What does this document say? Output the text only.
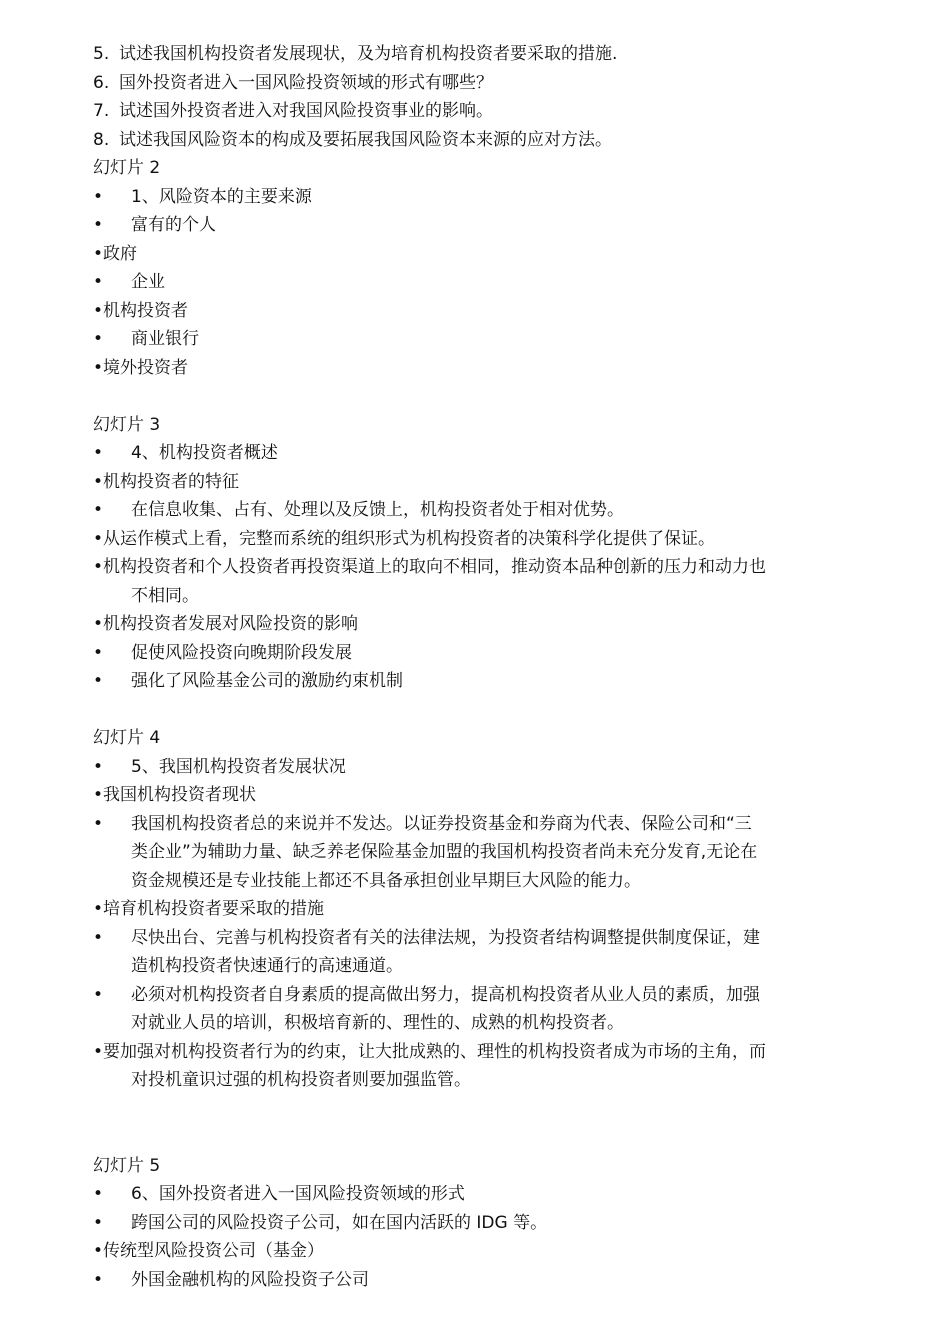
5. 试述我国机构投资者发展现状，及为培育机构投资者要采取的措施.
6. 国外投资者进入一国风险投资领域的形式有哪些？
7. 试述国外投资者进入对我国风险投资事业的影响。
8. 试述我国风险资本的构成及要拓展我国风险资本来源的应对方法。
幻灯片 2
• 1、风险资本的主要来源
• 富有的个人
• 政府
• 企业
• 机构投资者
• 商业银行
• 境外投资者
幻灯片 3
• 4、机构投资者概述
• 机构投资者的特征
• 在信息收集、占有、处理以及反馈上，机构投资者处于相对优势。
• 从运作模式上看，完整而系统的组织形式为机构投资者的决策科学化提供了保证。
• 机构投资者和个人投资者再投资渠道上的取向不相同，推动资本品种创新的压力和动力也
不相同。
• 机构投资者发展对风险投资的影响
• 促使风险投资向晚期阶段发展
• 强化了风险基金公司的激励约束机制
幻灯片 4
• 5、我国机构投资者发展状况
• 我国机构投资者现状
• 我国机构投资者总的来说并不发达。以证券投资基金和券商为代表、保险公司和“三
类企业”为辅助力量、缺乏养老保险基金加盟的我国机构投资者尚未充分发育,无论在
资金规模还是专业技能上都还不具备承担创业早期巨大风险的能力。
• 培育机构投资者要采取的措施
• 尽快出台、完善与机构投资者有关的法律法规，为投资者结构调整提供制度保证，建
造机构投资者快速通行的高速通道。
• 必须对机构投资者自身素质的提高做出努力，提高机构投资者从业人员的素质，加强
对就业人员的培训，积极培育新的、理性的、成熟的机构投资者。
• 要加强对机构投资者行为的约束，让大批成熟的、理性的机构投资者成为市场的主角，而
对投机童识过强的机构投资者则要加强监管。
幻灯片 5
• 6、国外投资者进入一国风险投资领域的形式
• 跨国公司的风险投资子公司，如在国内活跃的 IDG 等。
• 传统型风险投资公司（基金）
• 外国金融机构的风险投资子公司
